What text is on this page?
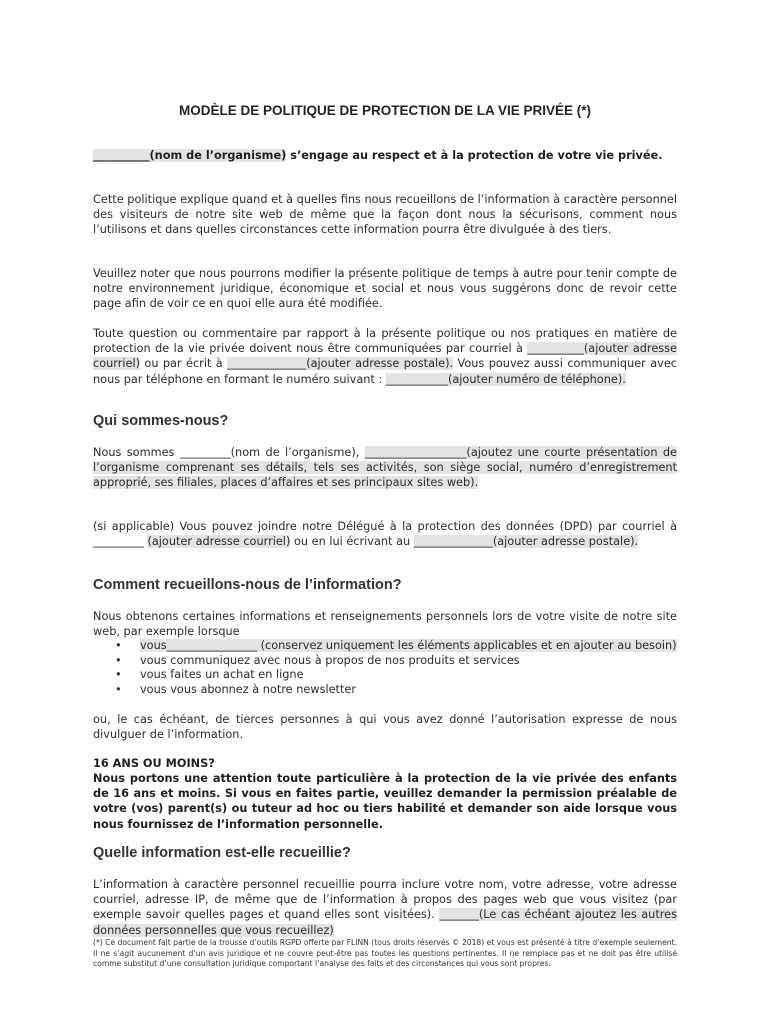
MODÈLE DE POLITIQUE DE PROTECTION DE LA VIE PRIVÉE (*)
__________(nom de l’organisme) s’engage au respect et à la protection de votre vie privée.
Cette politique explique quand et à quelles fins nous recueillons de l’information à caractère personnel des visiteurs de notre site web de même que la façon dont nous la sécurisons, comment nous l’utilisons et dans quelles circonstances cette information pourra être divulguée à des tiers.
Veuillez noter que nous pourrons modifier la présente politique de temps à autre pour tenir compte de notre environnement juridique, économique et social et nous vous suggérons donc de revoir cette page afin de voir ce en quoi elle aura été modifiée.
Toute question ou commentaire par rapport à la présente politique ou nos pratiques en matière de protection de la vie privée doivent nous être communiquées par courriel à __________(ajouter adresse courriel) ou par écrit à ______________(ajouter adresse postale). Vous pouvez aussi communiquer avec nous par téléphone en formant le numéro suivant : ___________(ajouter numéro de téléphone).
Qui sommes-nous?
Nous sommes _________(nom de l’organisme), __________________(ajoutez une courte présentation de l’organisme comprenant ses détails, tels ses activités, son siège social, numéro d’enregistrement approprié, ses filiales, places d’affaires et ses principaux sites web).
(si applicable) Vous pouvez joindre notre Délégué à la protection des données (DPD) par courriel à _________ (ajouter adresse courriel) ou en lui écrivant au ______________(ajouter adresse postale).
Comment recueillons-nous de l’information?
Nous obtenons certaines informations et renseignements personnels lors de votre visite de notre site web, par exemple lorsque
• vous________________ (conservez uniquement les éléments applicables et en ajouter au besoin)
• vous communiquez avec nous à propos de nos produits et services
• vous faites un achat en ligne
• vous vous abonnez à notre newsletter
ou, le cas échéant, de tierces personnes à qui vous avez donné l’autorisation expresse de nous divulguer de l’information.
16 ANS OU MOINS?
Nous portons une attention toute particulière à la protection de la vie privée des enfants de 16 ans et moins. Si vous en faites partie, veuillez demander la permission préalable de votre (vos) parent(s) ou tuteur ad hoc ou tiers habilité et demander son aide lorsque vous nous fournissez de l’information personnelle.
Quelle information est-elle recueillie?
L’information à caractère personnel recueillie pourra inclure votre nom, votre adresse, votre adresse courriel, adresse IP, de même que de l’information à propos des pages web que vous visitez (par exemple savoir quelles pages et quand elles sont visitées). _______(Le cas échéant ajoutez les autres données personnelles que vous recueillez)
(*) Ce document fait partie de la trousse d’outils RGPD offerte par FLINN (tous droits réservés © 2018) et vous est présenté à titre d’exemple seulement. Il ne s’agit aucunement d’un avis juridique et ne couvre peut-être pas toutes les questions pertinentes. Il ne remplace pas et ne doit pas être utilisé comme substitut d’une consultation juridique comportant l’analyse des faits et des circonstances qui vous sont propres.
